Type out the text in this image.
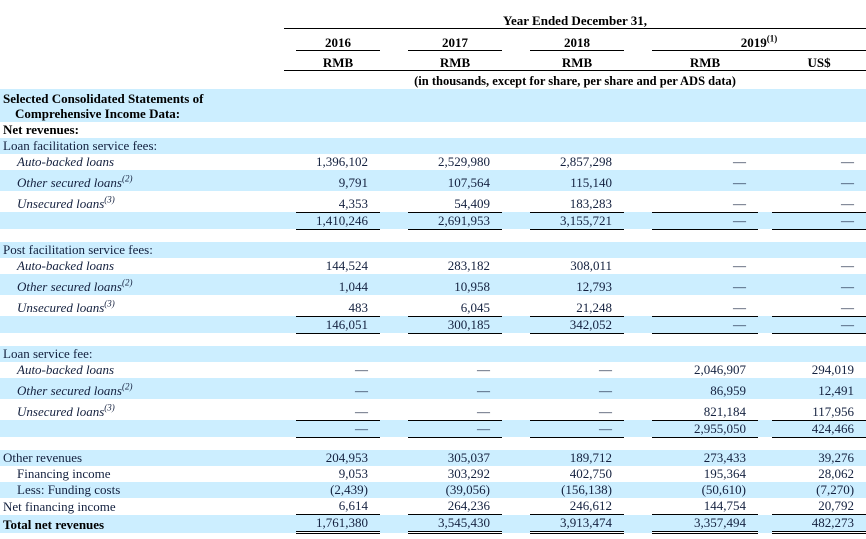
	Year Ended December 31,									
		2016		2017		2018		2019$^{(1)}$
		RMB		RMB		RMB		RMB		US$
	(in thousands, except for share, per share and per ADS data)									

Selected Consolidated Statements of
Comprehensive Income Data:										

Net revenues:										
Loan facilitation service fees:										
Auto-backed loans		1,396,102		2,529,980		2,857,298		—		—
Other secured loans$^{(2)}$		9,791		107,564		115,140		—		—
Unsecured loans$^{(3)}$		4,353		54,409		183,283		—		—
		1,410,246		2,691,953		3,155,721		—		—

Post facilitation service fees:										
Auto-backed loans		144,524		283,182		308,011		—		—
Other secured loans$^{(2)}$		1,044		10,958		12,793		—		—
Unsecured loans$^{(3)}$		483		6,045		21,248		—		—
		146,051		300,185		342,052		—		—

Loan service fee:										
Auto-backed loans		—		—		—		2,046,907		294,019
Other secured loans$^{(2)}$		—		—		—		86,959		12,491
Unsecured loans$^{(3)}$		—		—		—		821,184		117,956
		—		—		—		2,955,050		424,466

Other revenues		204,953		305,037		189,712		273,433		39,276
Financing income		9,053		303,292		402,750		195,364		28,062
Less: Funding costs		(2,439)		(39,056)		(156,138)		(50,610)		(7,270)
Net financing income		6,614		264,236		246,612		144,754		20,792
Total net revenues		1,761,380		3,545,430		3,913,474		3,357,494		482,273
